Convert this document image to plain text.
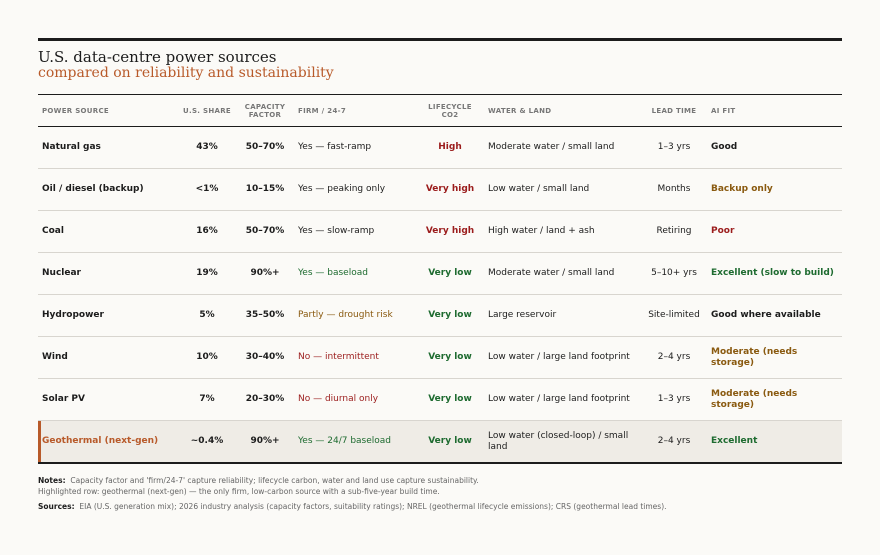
U.S. data-centre power sources
compared on reliability and sustainability
POWER SOURCE	U.S. SHARE	CAPACITY FACTOR	FIRM / 24-7	LIFECYCLE CO2	WATER & LAND	LEAD TIME	AI FIT
Natural gas	43%	50–70%	Yes — fast-ramp	High	Moderate water / small land	1–3 yrs	Good
Oil / diesel (backup)	<1%	10–15%	Yes — peaking only	Very high	Low water / small land	Months	Backup only
Coal	16%	50–70%	Yes — slow-ramp	Very high	High water / land + ash	Retiring	Poor
Nuclear	19%	90%+	Yes — baseload	Very low	Moderate water / small land	5–10+ yrs	Excellent (slow to build)
Hydropower	5%	35–50%	Partly — drought risk	Very low	Large reservoir	Site-limited	Good where available
Wind	10%	30–40%	No — intermittent	Very low	Low water / large land footprint	2–4 yrs	Moderate (needs storage)
Solar PV	7%	20–30%	No — diurnal only	Very low	Low water / large land footprint	1–3 yrs	Moderate (needs storage)
Geothermal (next-gen)	~0.4%	90%+	Yes — 24/7 baseload	Very low	Low water (closed-loop) / small land	2–4 yrs	Excellent
Notes: Capacity factor and 'firm/24-7' capture reliability; lifecycle carbon, water and land use capture sustainability.
Highlighted row: geothermal (next-gen) — the only firm, low-carbon source with a sub-five-year build time.
Sources: EIA (U.S. generation mix); 2026 industry analysis (capacity factors, suitability ratings); NREL (geothermal lifecycle emissions); CRS (geothermal lead times).
